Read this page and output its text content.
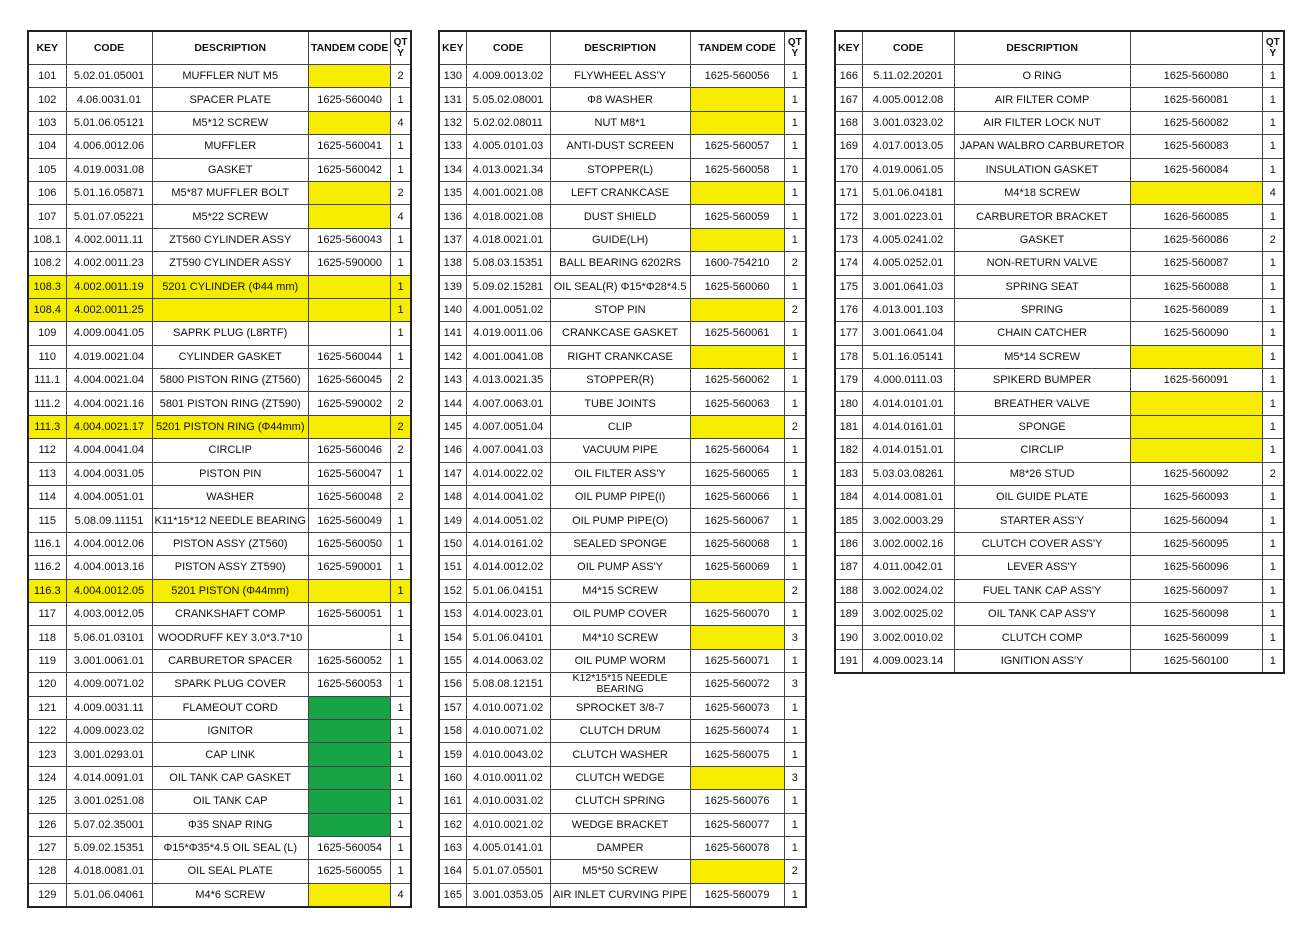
KEY	CODE	DESCRIPTION	TANDEM CODE	QT Y
101	5.02.01.05001	MUFFLER NUT M5		2
102	4.06.0031.01	SPACER PLATE	1625-560040	1
103	5.01.06.05121	M5*12 SCREW		4
104	4.006.0012.06	MUFFLER	1625-560041	1
105	4.019.0031.08	GASKET	1625-560042	1
106	5.01.16.05871	M5*87 MUFFLER BOLT		2
107	5.01.07.05221	M5*22 SCREW		4
108.1	4.002.0011.11	ZT560 CYLINDER ASSY	1625-560043	1
108.2	4.002.0011.23	ZT590 CYLINDER ASSY	1625-590000	1
108.3	4.002.0011.19	5201 CYLINDER (Φ44 mm)		1
108.4	4.002.0011.25			1
109	4.009.0041.05	SAPRK PLUG (L8RTF)		1
110	4.019.0021.04	CYLINDER GASKET	1625-560044	1
111.1	4.004.0021.04	5800 PISTON RING (ZT560)	1625-560045	2
111.2	4.004.0021.16	5801 PISTON RING (ZT590)	1625-590002	2
111.3	4.004.0021.17	5201 PISTON RING (Φ44mm)		2
112	4.004.0041.04	CIRCLIP	1625-560046	2
113	4.004.0031.05	PISTON PIN	1625-560047	1
114	4.004.0051.01	WASHER	1625-560048	2
115	5.08.09.11151	K11*15*12 NEEDLE BEARING	1625-560049	1
116.1	4.004.0012.06	PISTON ASSY (ZT560)	1625-560050	1
116.2	4.004.0013.16	PISTON ASSY ZT590)	1625-590001	1
116.3	4.004.0012.05	5201 PISTON (Φ44mm)		1
117	4.003.0012.05	CRANKSHAFT COMP	1625-560051	1
118	5.06.01.03101	WOODRUFF KEY 3.0*3.7*10		1
119	3.001.0061.01	CARBURETOR SPACER	1625-560052	1
120	4.009.0071.02	SPARK PLUG COVER	1625-560053	1
121	4.009.0031.11	FLAMEOUT CORD		1
122	4.009.0023.02	IGNITOR		1
123	3.001.0293.01	CAP LINK		1
124	4.014.0091.01	OIL TANK CAP GASKET		1
125	3.001.0251.08	OIL TANK CAP		1
126	5.07.02.35001	Φ35 SNAP RING		1
127	5.09.02.15351	Φ15*Φ35*4.5 OIL SEAL (L)	1625-560054	1
128	4.018.0081.01	OIL SEAL PLATE	1625-560055	1
129	5.01.06.04061	M4*6 SCREW		4
KEY	CODE	DESCRIPTION	TANDEM CODE	QT Y
130	4.009.0013.02	FLYWHEEL ASS'Y	1625-560056	1
131	5.05.02.08001	Φ8 WASHER		1
132	5.02.02.08011	NUT M8*1		1
133	4.005.0101.03	ANTI-DUST SCREEN	1625-560057	1
134	4.013.0021.34	STOPPER(L)	1625-560058	1
135	4.001.0021.08	LEFT CRANKCASE		1
136	4.018.0021.08	DUST SHIELD	1625-560059	1
137	4.018.0021.01	GUIDE(LH)		1
138	5.08.03.15351	BALL BEARING 6202RS	1600-754210	2
139	5.09.02.15281	OIL SEAL(R) Φ15*Φ28*4.5	1625-560060	1
140	4.001.0051.02	STOP PIN		2
141	4.019.0011.06	CRANKCASE GASKET	1625-560061	1
142	4.001.0041.08	RIGHT CRANKCASE		1
143	4.013.0021.35	STOPPER(R)	1625-560062	1
144	4.007.0063.01	TUBE JOINTS	1625-560063	1
145	4.007.0051.04	CLIP		2
146	4.007.0041.03	VACUUM PIPE	1625-560064	1
147	4.014.0022.02	OIL FILTER ASS'Y	1625-560065	1
148	4.014.0041.02	OIL PUMP PIPE(I)	1625-560066	1
149	4.014.0051.02	OIL PUMP PIPE(O)	1625-560067	1
150	4.014.0161.02	SEALED SPONGE	1625-560068	1
151	4.014.0012.02	OIL PUMP ASS'Y	1625-560069	1
152	5.01.06.04151	M4*15 SCREW		2
153	4.014.0023.01	OIL PUMP COVER	1625-560070	1
154	5.01.06.04101	M4*10 SCREW		3
155	4.014.0063.02	OIL PUMP WORM	1625-560071	1
156	5.08.08.12151	K12*15*15 NEEDLE BEARING	1625-560072	3
157	4.010.0071.02	SPROCKET 3/8-7	1625-560073	1
158	4.010.0071.02	CLUTCH DRUM	1625-560074	1
159	4.010.0043.02	CLUTCH WASHER	1625-560075	1
160	4.010.0011.02	CLUTCH WEDGE		3
161	4.010.0031.02	CLUTCH SPRING	1625-560076	1
162	4.010.0021.02	WEDGE BRACKET	1625-560077	1
163	4.005.0141.01	DAMPER	1625-560078	1
164	5.01.07.05501	M5*50 SCREW		2
165	3.001.0353.05	AIR INLET CURVING PIPE	1625-560079	1
KEY	CODE	DESCRIPTION		QT Y
166	5.11.02.20201	O RING	1625-560080	1
167	4.005.0012.08	AIR FILTER COMP	1625-560081	1
168	3.001.0323.02	AIR FILTER LOCK NUT	1625-560082	1
169	4.017.0013.05	JAPAN WALBRO CARBURETOR	1625-560083	1
170	4.019.0061.05	INSULATION GASKET	1625-560084	1
171	5.01.06.04181	M4*18 SCREW		4
172	3.001.0223.01	CARBURETOR BRACKET	1626-560085	1
173	4.005.0241.02	GASKET	1625-560086	2
174	4.005.0252.01	NON-RETURN VALVE	1625-560087	1
175	3.001.0641.03	SPRING SEAT	1625-560088	1
176	4.013.001.103	SPRING	1625-560089	1
177	3.001.0641.04	CHAIN CATCHER	1625-560090	1
178	5.01.16.05141	M5*14 SCREW		1
179	4.000.0111.03	SPIKERD BUMPER	1625-560091	1
180	4.014.0101.01	BREATHER VALVE		1
181	4.014.0161.01	SPONGE		1
182	4.014.0151.01	CIRCLIP		1
183	5.03.03.08261	M8*26 STUD	1625-560092	2
184	4.014.0081.01	OIL GUIDE PLATE	1625-560093	1
185	3.002.0003.29	STARTER ASS'Y	1625-560094	1
186	3.002.0002.16	CLUTCH COVER ASS'Y	1625-560095	1
187	4.011.0042.01	LEVER ASS'Y	1625-560096	1
188	3.002.0024.02	FUEL TANK CAP ASS'Y	1625-560097	1
189	3.002.0025.02	OIL TANK CAP ASS'Y	1625-560098	1
190	3.002.0010.02	CLUTCH COMP	1625-560099	1
191	4.009.0023.14	IGNITION ASS'Y	1625-560100	1
